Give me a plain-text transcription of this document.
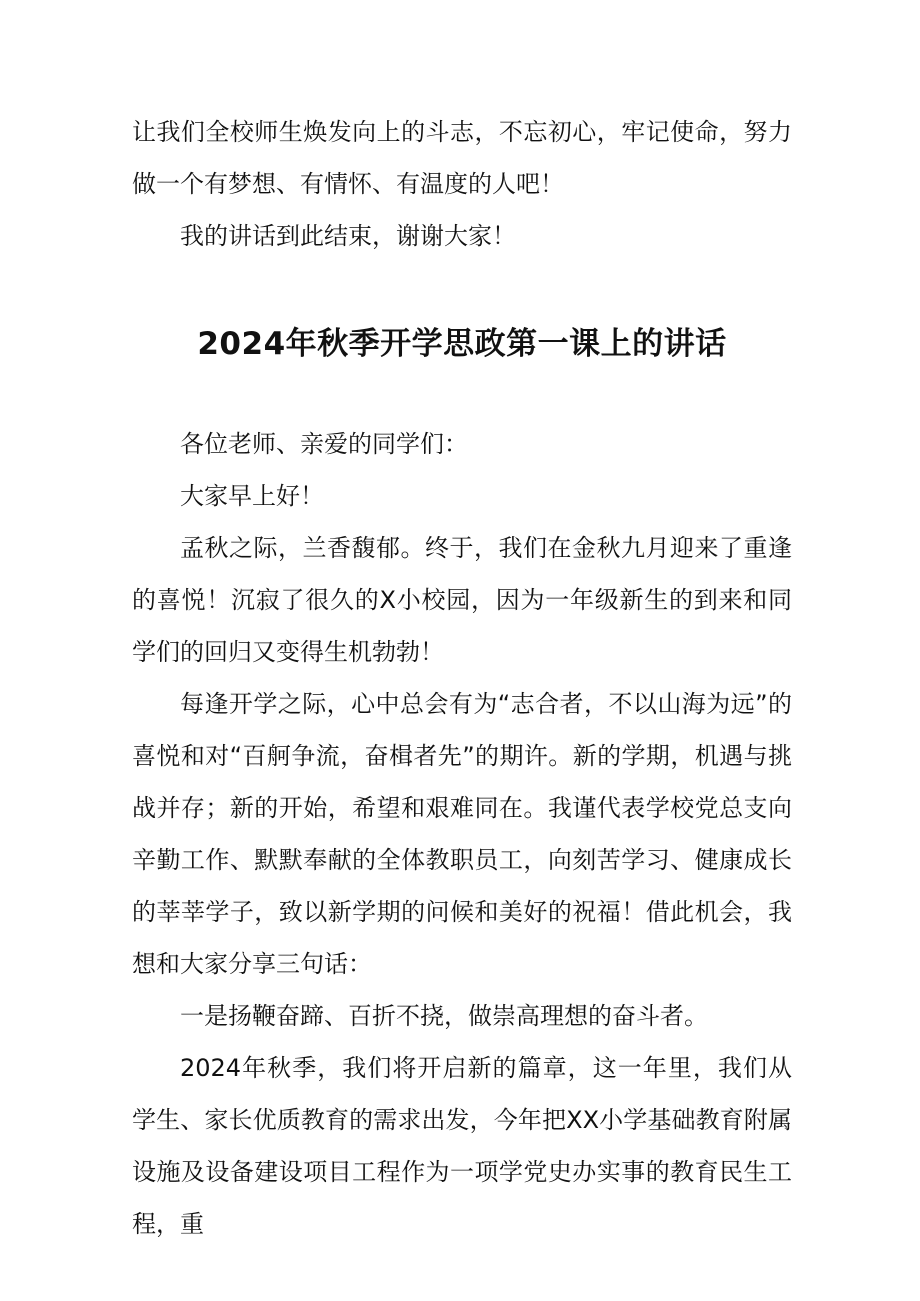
让我们全校师生焕发向上的斗志，不忘初心，牢记使命，努力做一个有梦想、有情怀、有温度的人吧！

我的讲话到此结束，谢谢大家！

2024年秋季开学思政第一课上的讲话

各位老师、亲爱的同学们：

大家早上好！

孟秋之际，兰香馥郁。终于，我们在金秋九月迎来了重逢的喜悦！沉寂了很久的X小校园，因为一年级新生的到来和同学们的回归又变得生机勃勃！

每逢开学之际，心中总会有为“志合者，不以山海为远”的喜悦和对“百舸争流，奋楫者先”的期许。新的学期，机遇与挑战并存；新的开始，希望和艰难同在。我谨代表学校党总支向辛勤工作、默默奉献的全体教职员工，向刻苦学习、健康成长的莘莘学子，致以新学期的问候和美好的祝福！借此机会，我想和大家分享三句话：

一是扬鞭奋蹄、百折不挠，做崇高理想的奋斗者。

2024年秋季，我们将开启新的篇章，这一年里，我们从学生、家长优质教育的需求出发，今年把XX小学基础教育附属设施及设备建设项目工程作为一项学党史办实事的教育民生工程，重
